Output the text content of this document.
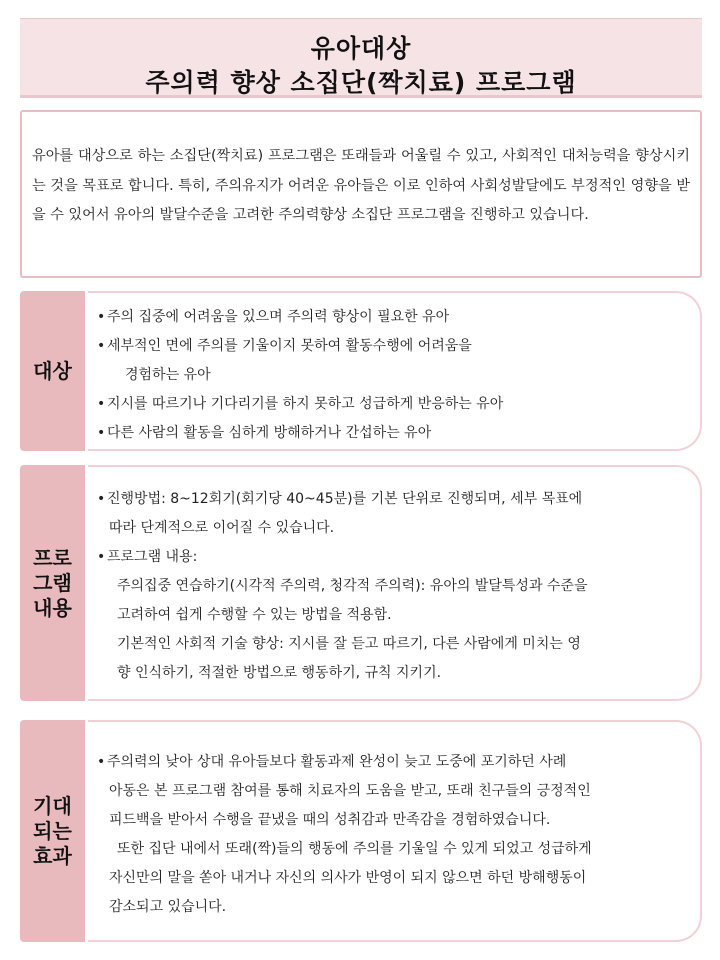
유아대상
주의력 향상 소집단(짝치료) 프로그램
유아를 대상으로 하는 소집단(짝치료) 프로그램은 또래들과 어울릴 수 있고, 사회적인 대처능력을 향상시키는 것을 목표로 합니다. 특히, 주의유지가 어려운 유아들은 이로 인하여 사회성발달에도 부정적인 영향을 받을 수 있어서 유아의 발달수준을 고려한 주의력향상 소집단 프로그램을 진행하고 있습니다.
대상
• 주의 집중에 어려움을 있으며 주의력 향상이 필요한 유아
• 세부적인 면에 주의를 기울이지 못하여 활동수행에 어려움을
경험하는 유아
• 지시를 따르기나 기다리기를 하지 못하고 성급하게 반응하는 유아
• 다른 사람의 활동을 심하게 방해하거나 간섭하는 유아
프로
그램
내용
• 진행방법: 8~12회기(회기당 40~45분)를 기본 단위로 진행되며, 세부 목표에
따라 단계적으로 이어질 수 있습니다.
• 프로그램 내용:
주의집중 연습하기(시각적 주의력, 청각적 주의력): 유아의 발달특성과 수준을
고려하여 쉽게 수행할 수 있는 방법을 적용함.
기본적인 사회적 기술 향상: 지시를 잘 듣고 따르기, 다른 사람에게 미치는 영
향 인식하기, 적절한 방법으로 행동하기, 규칙 지키기.
기대
되는
효과
• 주의력의 낮아 상대 유아들보다 활동과제 완성이 늦고 도중에 포기하던 사례
아동은 본 프로그램 참여를 통해 치료자의 도움을 받고, 또래 친구들의 긍정적인
피드백을 받아서 수행을 끝냈을 때의 성취감과 만족감을 경험하였습니다.
또한 집단 내에서 또래(짝)들의 행동에 주의를 기울일 수 있게 되었고 성급하게
자신만의 말을 쏟아 내거나 자신의 의사가 반영이 되지 않으면 하던 방해행동이
감소되고 있습니다.
